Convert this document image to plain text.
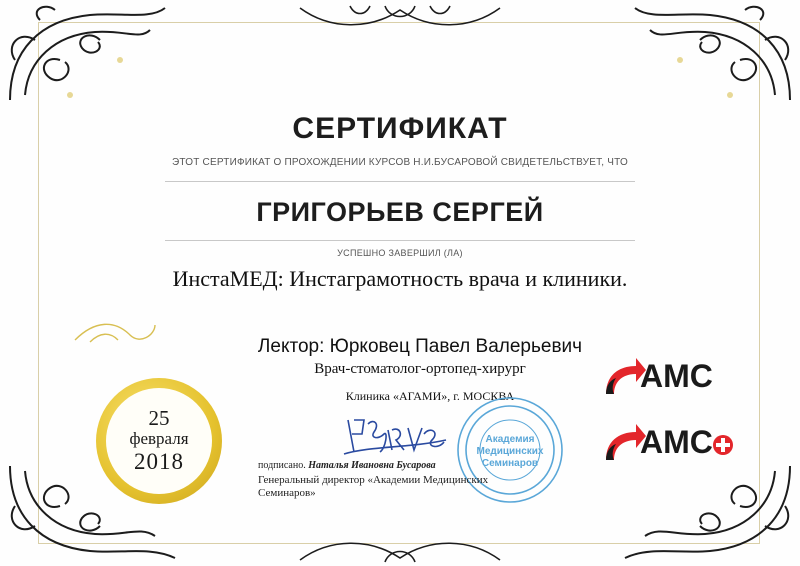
СЕРТИФИКАТ
ЭТОТ СЕРТИФИКАТ О ПРОХОЖДЕНИИ КУРСОВ Н.И.БУСАРОВОЙ СВИДЕТЕЛЬСТВУЕТ, ЧТО
ГРИГОРЬЕВ СЕРГЕЙ
УСПЕШНО ЗАВЕРШИЛ (ЛА)
ИнстаМЕД: Инстаграмотность врача и клиники.
Лектор: Юрковец Павел Валерьевич
Врач-стоматолог-ортопед-хирург
Клиника «АГАМИ», г. МОСКВА
25
февраля
2018
Академия
Медицинских
Семинаров
подписано. Наталья Ивановна Бусарова
Генеральный директор «Академии Медицинских
Семинаров»
АМС
АМС
